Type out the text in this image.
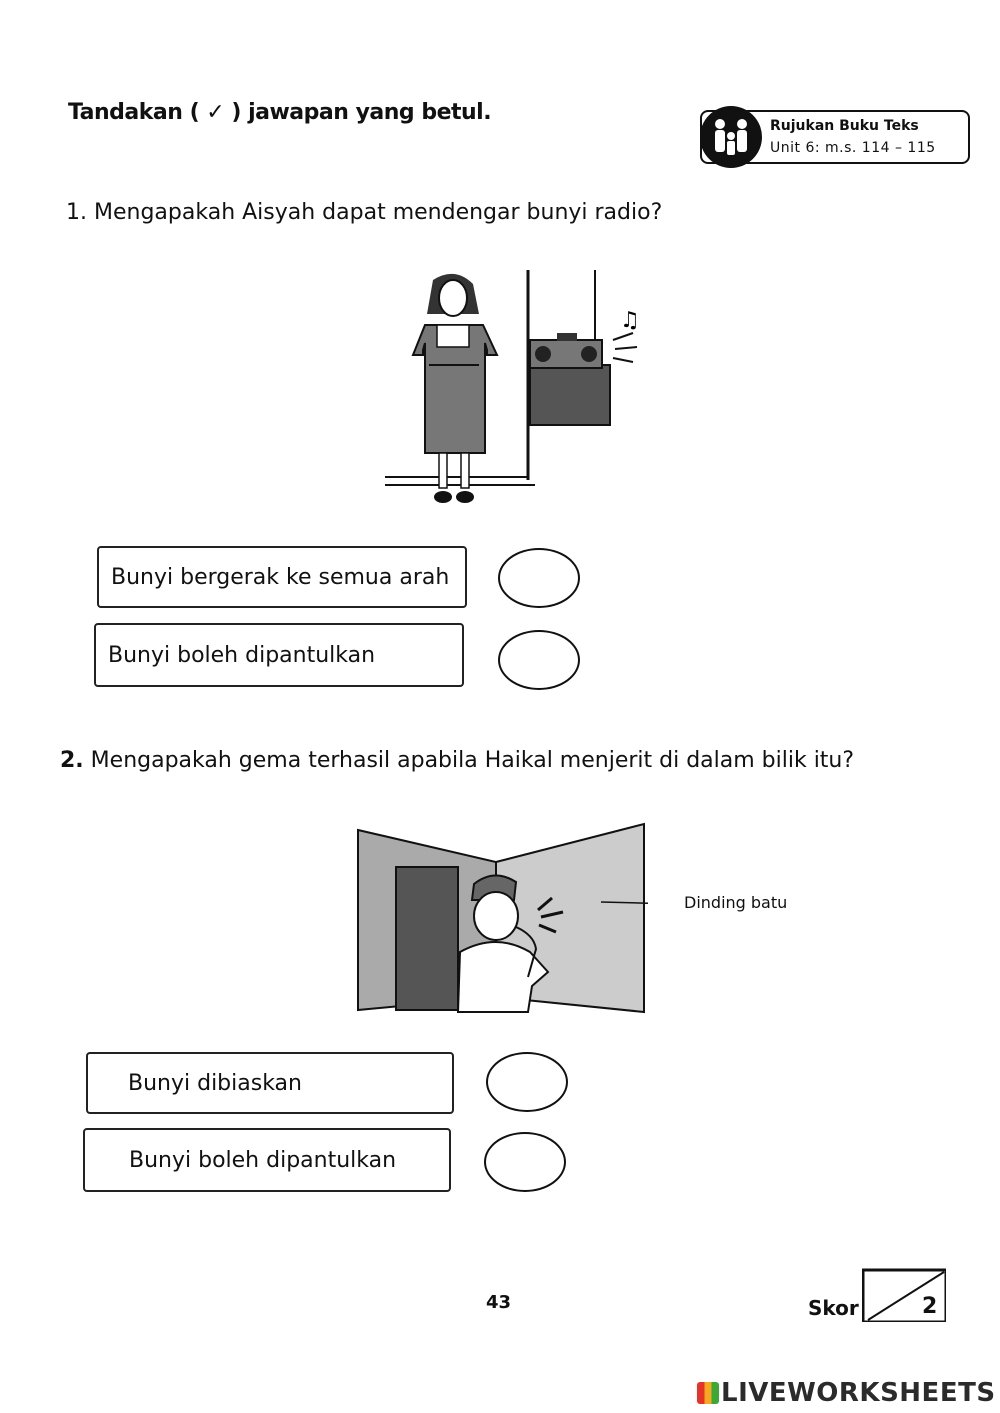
Tandakan ( ✓ ) jawapan yang betul.
Rujukan Buku Teks
Unit 6: m.s. 114 – 115
1. Mengapakah Aisyah dapat mendengar bunyi radio?
♫
Bunyi bergerak ke semua arah
Bunyi boleh dipantulkan
2. Mengapakah gema terhasil apabila Haikal menjerit di dalam bilik itu?
Dinding batu
Bunyi dibiaskan
Bunyi boleh dipantulkan
43	Skor	2
LIVEWORKSHEETS
